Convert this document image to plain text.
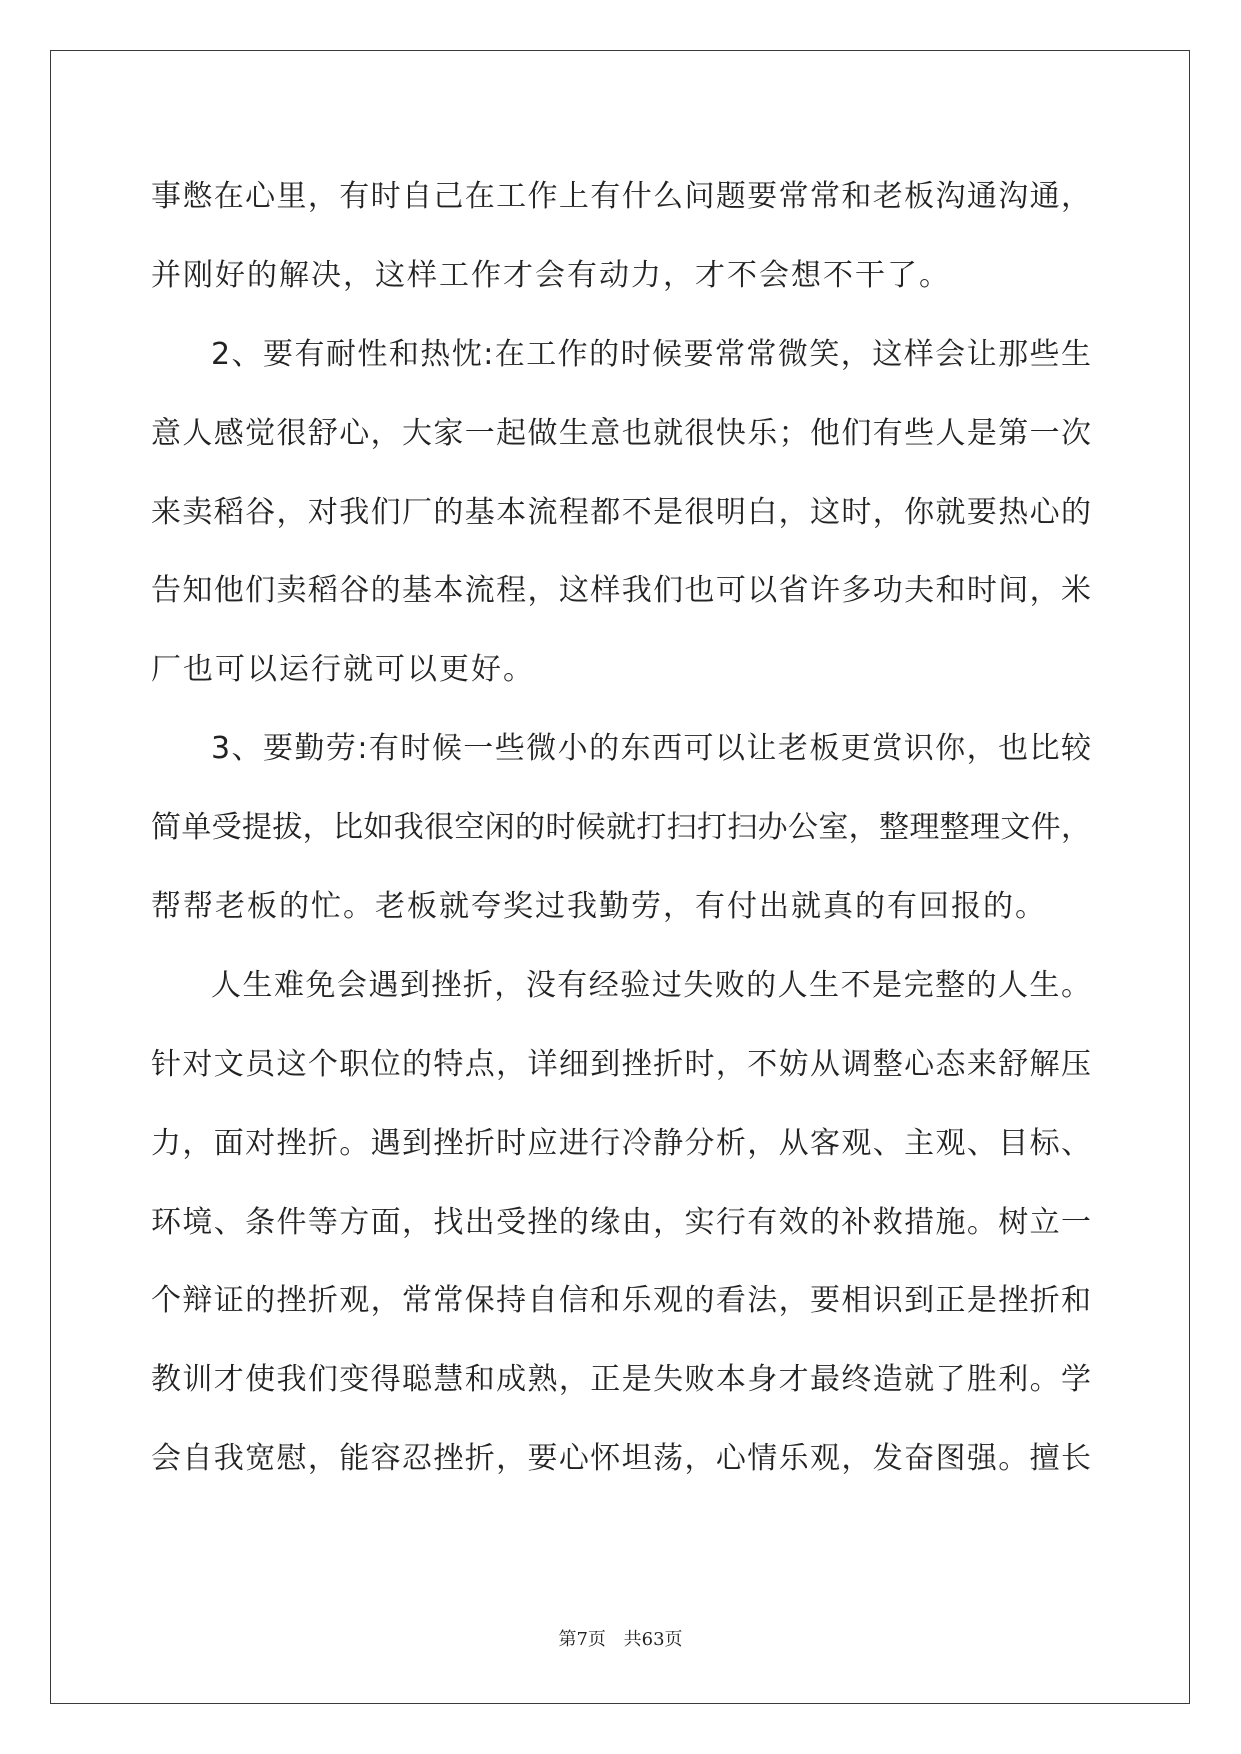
事憋在心里，有时自己在工作上有什么问题要常常和老板沟通沟通，
并刚好的解决，这样工作才会有动力，才不会想不干了。
2、要有耐性和热忱:在工作的时候要常常微笑，这样会让那些生
意人感觉很舒心，大家一起做生意也就很快乐；他们有些人是第一次
来卖稻谷，对我们厂的基本流程都不是很明白，这时，你就要热心的
告知他们卖稻谷的基本流程，这样我们也可以省许多功夫和时间，米
厂也可以运行就可以更好。
3、要勤劳:有时候一些微小的东西可以让老板更赏识你，也比较
简单受提拔，比如我很空闲的时候就打扫打扫办公室，整理整理文件，
帮帮老板的忙。老板就夸奖过我勤劳，有付出就真的有回报的。
人生难免会遇到挫折，没有经验过失败的人生不是完整的人生。
针对文员这个职位的特点，详细到挫折时，不妨从调整心态来舒解压
力，面对挫折。遇到挫折时应进行冷静分析，从客观、主观、目标、
环境、条件等方面，找出受挫的缘由，实行有效的补救措施。树立一
个辩证的挫折观，常常保持自信和乐观的看法，要相识到正是挫折和
教训才使我们变得聪慧和成熟，正是失败本身才最终造就了胜利。学
会自我宽慰，能容忍挫折，要心怀坦荡，心情乐观，发奋图强。擅长
第7页 共63页
